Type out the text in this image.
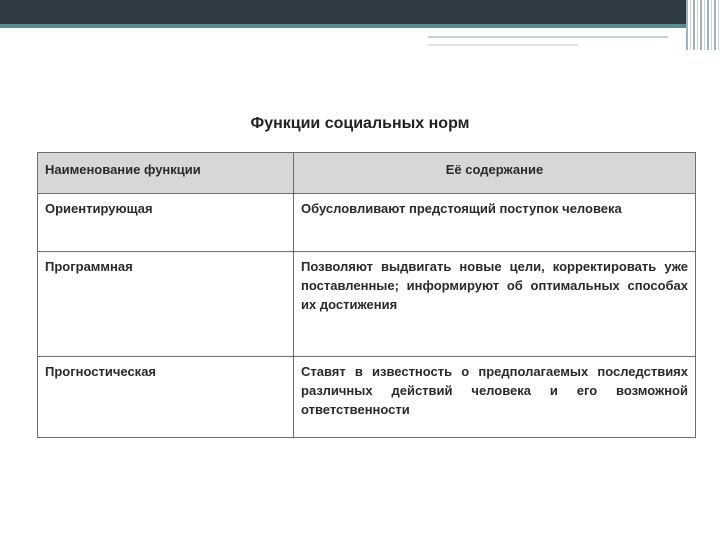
Функции социальных норм
Наименование функции	Её содержание
Ориентирующая	Обусловливают предстоящий поступок человека
Программная	Позволяют выдвигать новые цели, корректировать уже поставленные; информируют об оптимальных способах их достижения
Прогностическая	Ставят в известность о предполагаемых последствиях различных действий человека и его возможной ответственности
